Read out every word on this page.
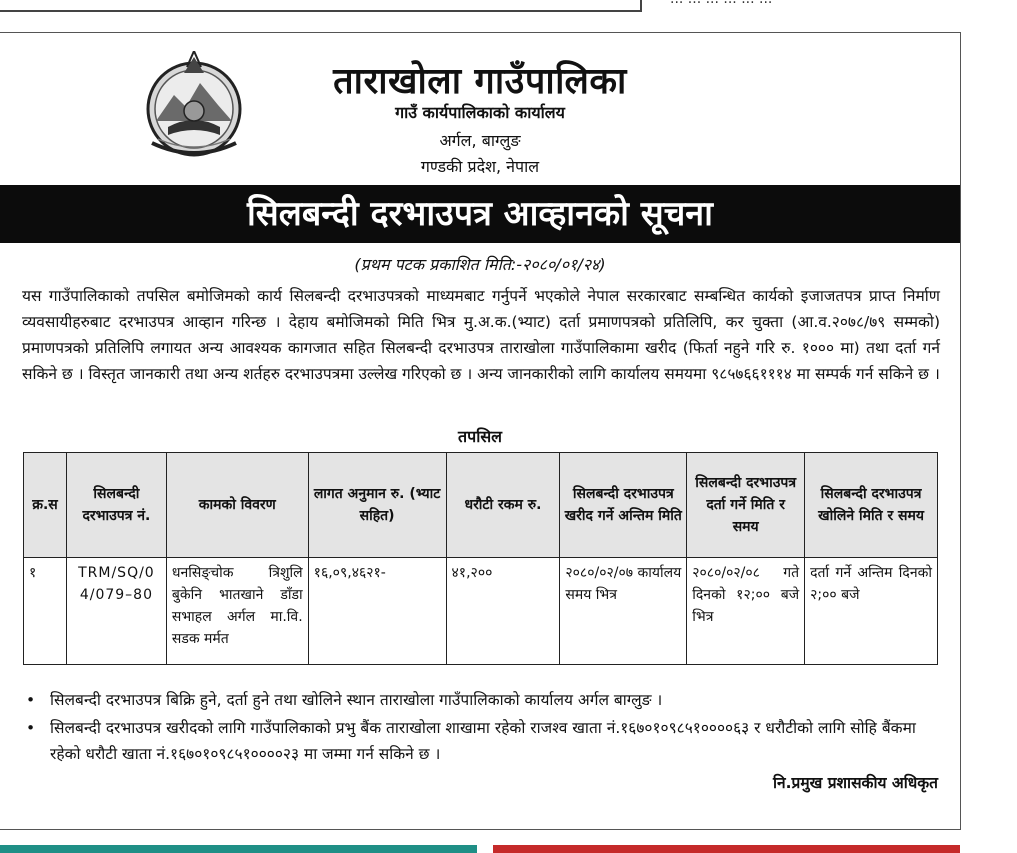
ताराखोला गाउँपालिका
गाउँ कार्यपालिकाको कार्यालय
अर्गल, बाग्लुङ
गण्डकी प्रदेश, नेपाल
सिलबन्दी दरभाउपत्र आव्हानको सूचना
(प्रथम पटक प्रकाशित मिति:-२०८०/०१/२४)
यस गाउँपालिकाको तपसिल बमोजिमको कार्य सिलबन्दी दरभाउपत्रको माध्यमबाट गर्नुपर्ने भएकोले नेपाल सरकारबाट सम्बन्धित कार्यको इजाजतपत्र प्राप्त निर्माण व्यवसायीहरुबाट दरभाउपत्र आव्हान गरिन्छ । देहाय बमोजिमको मिति भित्र मु.अ.क.(भ्याट) दर्ता प्रमाणपत्रको प्रतिलिपि, कर चुक्ता (आ.व.२०७८/७९ सम्मको) प्रमाणपत्रको प्रतिलिपि लगायत अन्य आवश्यक कागजात सहित सिलबन्दी दरभाउपत्र ताराखोला गाउँपालिकामा खरीद (फिर्ता नहुने गरि रु. १००० मा) तथा दर्ता गर्न सकिने छ । विस्तृत जानकारी तथा अन्य शर्तहरु दरभाउपत्रमा उल्लेख गरिएको छ । अन्य जानकारीको लागि कार्यालय समयमा ९८५७६६१११४ मा सम्पर्क गर्न सकिने छ ।
तपसिल
क्र.स	सिलबन्दी दरभाउपत्र नं.	कामको विवरण	लागत अनुमान रु. (भ्याट सहित)	धरौटी रकम रु.	सिलबन्दी दरभाउपत्र खरीद गर्ने अन्तिम मिति	सिलबन्दी दरभाउपत्र दर्ता गर्ने मिति र समय	सिलबन्दी दरभाउपत्र खोलिने मिति र समय
१	TRM/SQ/04/079–80	धनसिङ्चोक त्रिशुलि बुकेनि भातखाने डाँडा सभाहल अर्गल मा.वि. सडक मर्मत	१६,०९,४६२१-	४१,२००	२०८०/०२/०७ कार्यालय समय भित्र	२०८०/०२/०८ गते दिनको १२;०० बजे भित्र	दर्ता गर्ने अन्तिम दिनको २;०० बजे
• सिलबन्दी दरभाउपत्र बिक्रि हुने, दर्ता हुने तथा खोलिने स्थान ताराखोला गाउँपालिकाको कार्यालय अर्गल बाग्लुङ ।
• सिलबन्दी दरभाउपत्र खरीदको लागि गाउँपालिकाको प्रभु बैंक ताराखोला शाखामा रहेको राजश्व खाता नं.१६७०१०९८५१००००६३ र धरौटीको लागि सोहि बैंकमा रहेको धरौटी खाता नं.१६७०१०९८५१००००२३ मा जम्मा गर्न सकिने छ ।
नि.प्रमुख प्रशासकीय अधिकृत
